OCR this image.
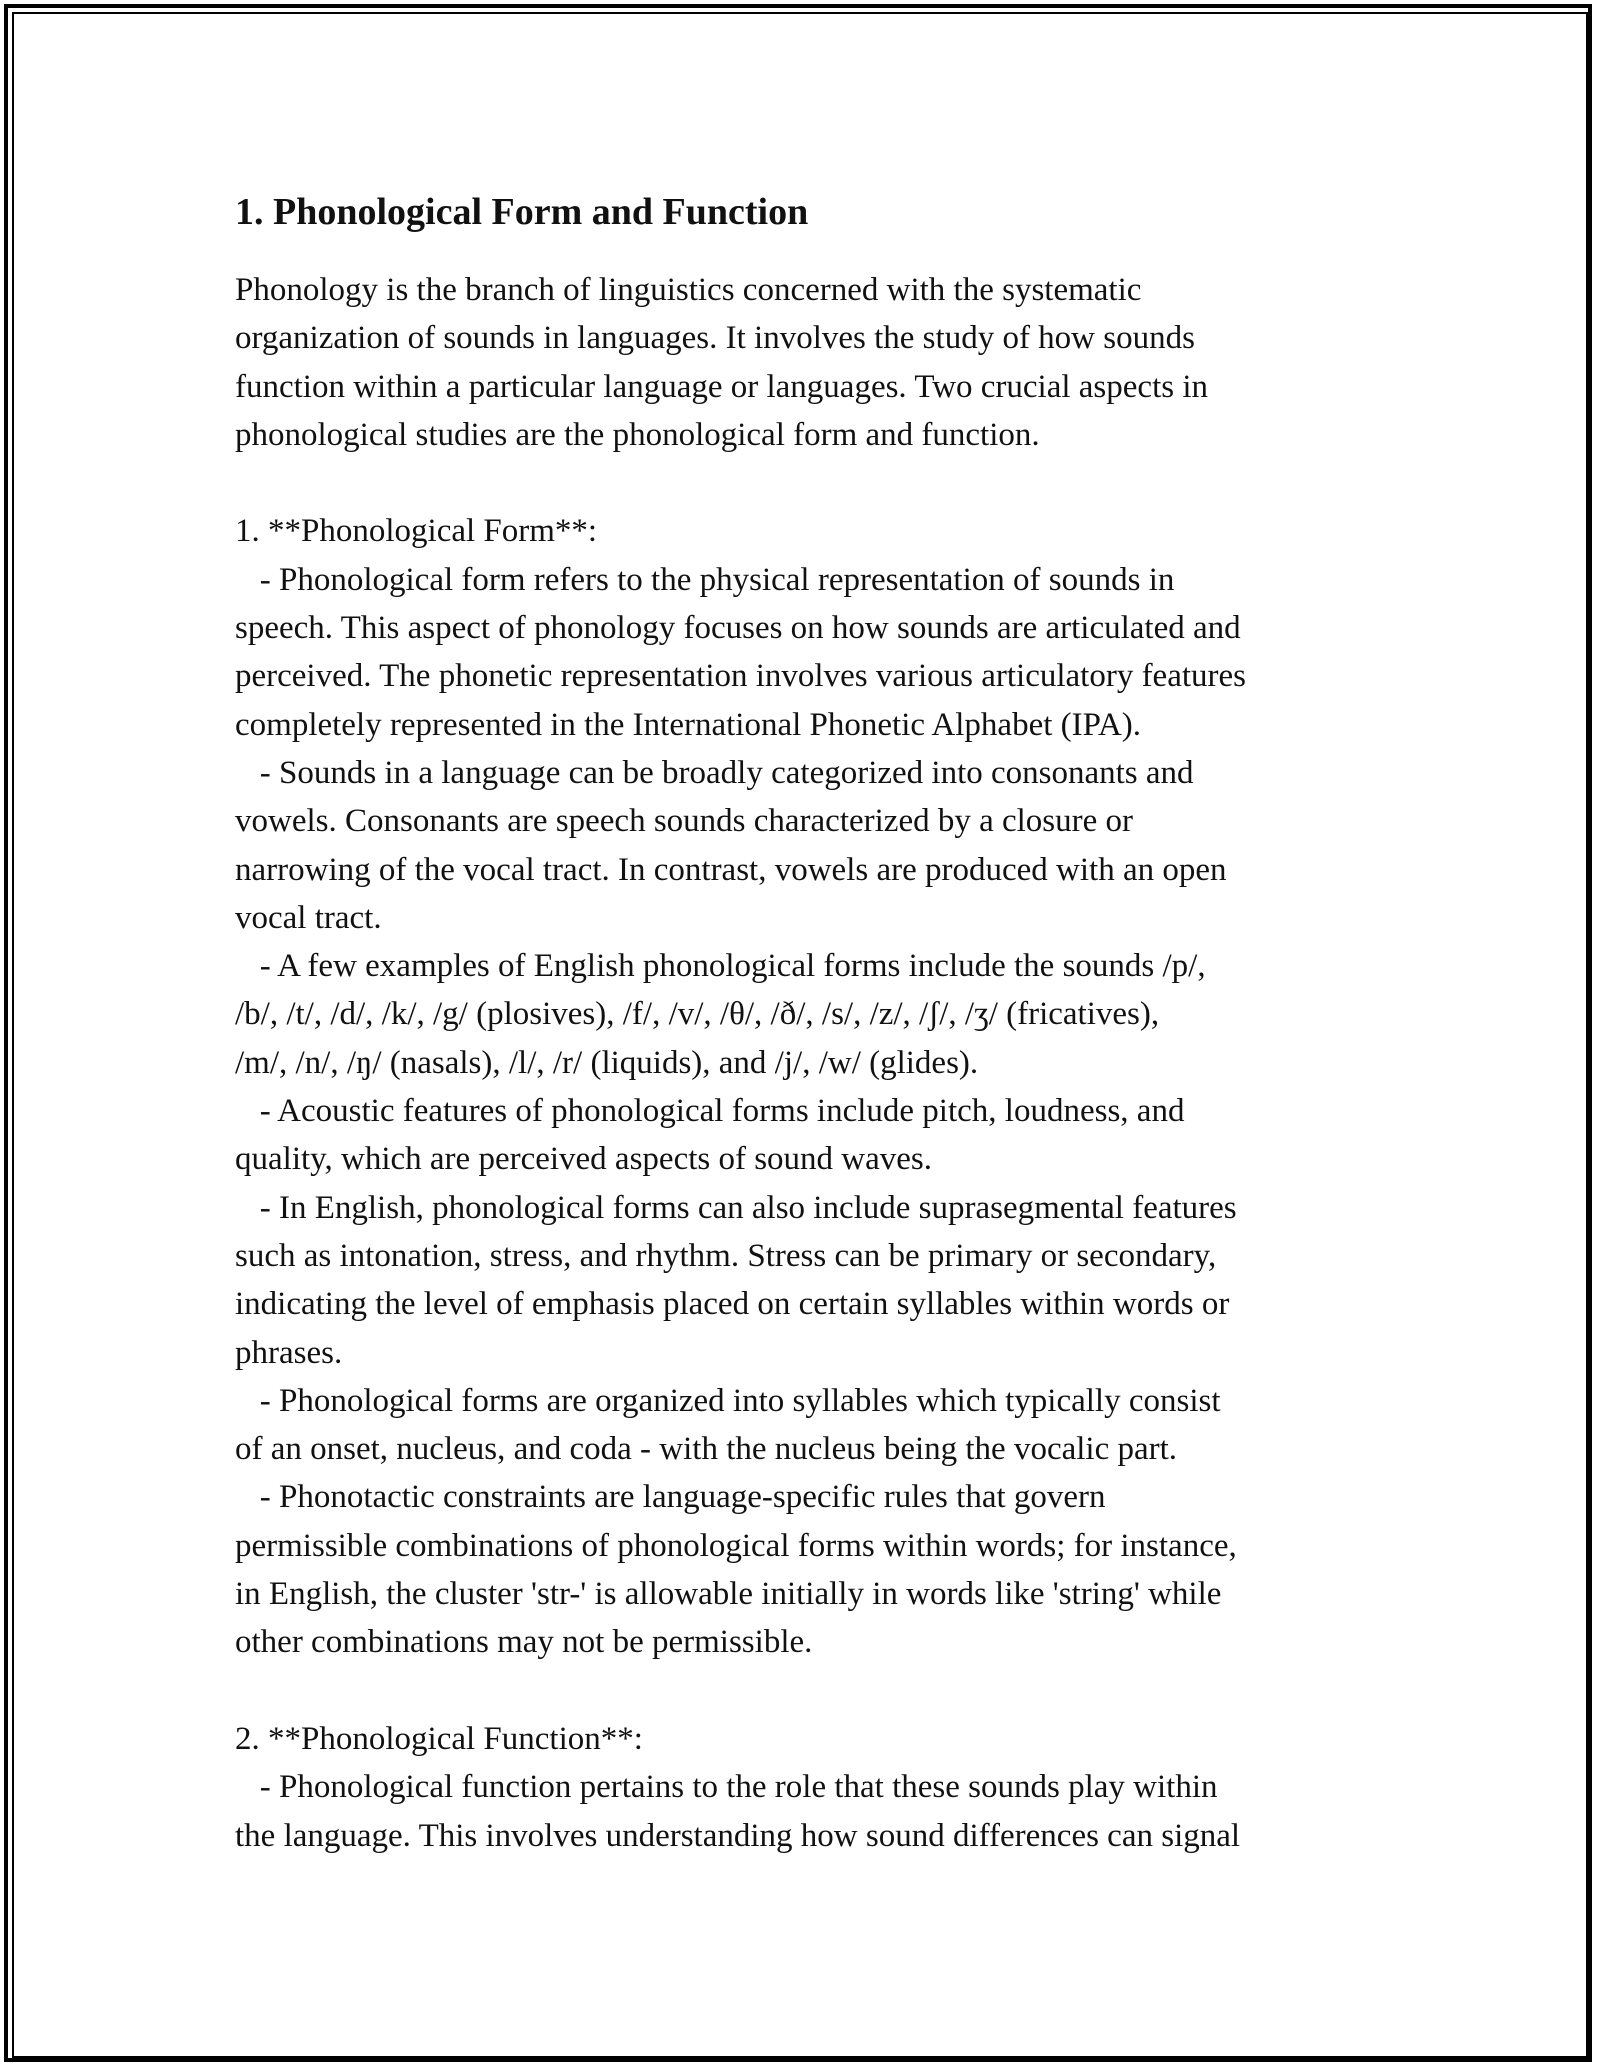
1. Phonological Form and Function
Phonology is the branch of linguistics concerned with the systematic
organization of sounds in languages. It involves the study of how sounds
function within a particular language or languages. Two crucial aspects in
phonological studies are the phonological form and function.
1. **Phonological Form**:
- Phonological form refers to the physical representation of sounds in
speech. This aspect of phonology focuses on how sounds are articulated and
perceived. The phonetic representation involves various articulatory features
completely represented in the International Phonetic Alphabet (IPA).
- Sounds in a language can be broadly categorized into consonants and
vowels. Consonants are speech sounds characterized by a closure or
narrowing of the vocal tract. In contrast, vowels are produced with an open
vocal tract.
- A few examples of English phonological forms include the sounds /p/,
/b/, /t/, /d/, /k/, /g/ (plosives), /f/, /v/, /θ/, /ð/, /s/, /z/, /ʃ/, /ʒ/ (fricatives),
/m/, /n/, /ŋ/ (nasals), /l/, /r/ (liquids), and /j/, /w/ (glides).
- Acoustic features of phonological forms include pitch, loudness, and
quality, which are perceived aspects of sound waves.
- In English, phonological forms can also include suprasegmental features
such as intonation, stress, and rhythm. Stress can be primary or secondary,
indicating the level of emphasis placed on certain syllables within words or
phrases.
- Phonological forms are organized into syllables which typically consist
of an onset, nucleus, and coda - with the nucleus being the vocalic part.
- Phonotactic constraints are language-specific rules that govern
permissible combinations of phonological forms within words; for instance,
in English, the cluster 'str-' is allowable initially in words like 'string' while
other combinations may not be permissible.
2. **Phonological Function**:
- Phonological function pertains to the role that these sounds play within
the language. This involves understanding how sound differences can signal
